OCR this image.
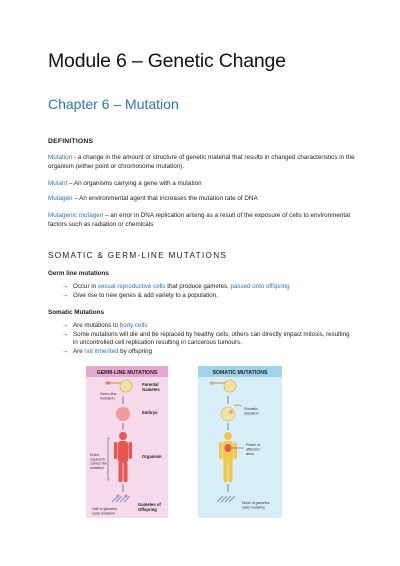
Module 6 – Genetic Change
Chapter 6 – Mutation
DEFINITIONS
Mutation - a change in the amount or structure of genetic material that results in changed characteristics in the organism (either point or chromosome mutation).
Mutant – An organisms carrying a gene with a mutation
Mutagen – An environmental agent that increases the mutation rate of DNA
Mutagenic mutagen – an error in DNA replication arising as a result of the exposure of cells to environmental factors such as radiation or chemicals
SOMATIC & GERM-LINE MUTATIONS
Germ line mutations
→ Occur in sexual reproductive cells that produce gametes, passed onto offspring
→ Give rise to new genes & add variety to a population.
Somatic Mutations
→ Are mutations to body cells
→ Some mutations will die and be replaced by healthy cells, others can directly impact mitosis, resulting in uncontrolled cell replication resulting in cancerous tumours.
→ Are not inherited by offspring
GERM-LINE MUTATIONS	SOMATIC MUTATIONS
Parental Gametes
Embryo
Organism
Gametes of Offspring
Germ-line mutation
Entire organism carries the mutation
Half of gametes carry mutation
Somatic mutation
Patch of affected area
None of gametes carry mutation
